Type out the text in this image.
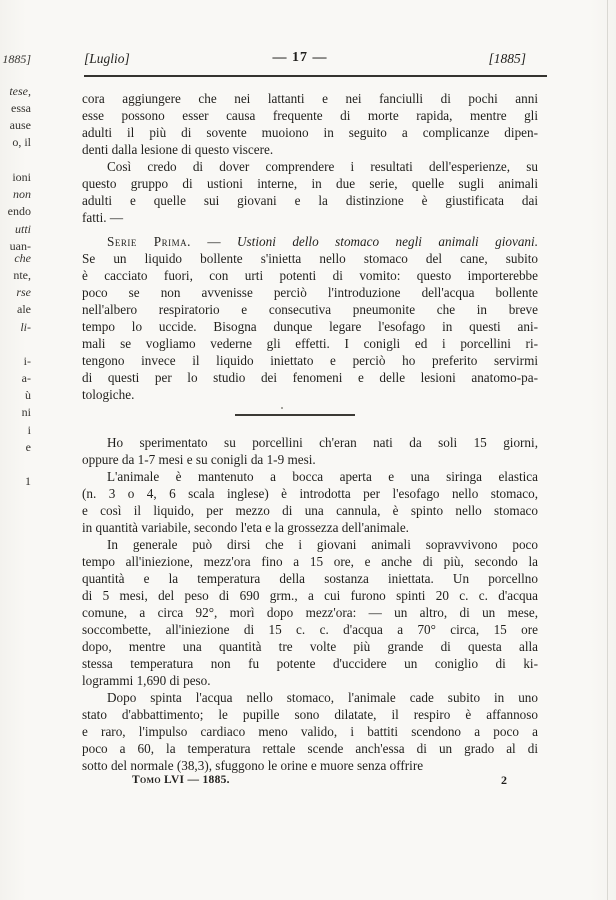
1885]
tese,
essa
ause
o, il
ioni
non
endo
utti
uan-
che
nte,
rse
ale
li-
i-
a-
ù
ni
i
e
1
[Luglio]	— 17 —	[1885]
cora aggiungere che nei lattanti e nei fanciulli di pochi anni
esse possono esser causa frequente di morte rapida, mentre gli
adulti il più di sovente muoiono in seguito a complicanze dipen-
denti dalla lesione di questo viscere.
Così credo di dover comprendere i resultati dell'esperienze, su
questo gruppo di ustioni interne, in due serie, quelle sugli animali
adulti e quelle sui giovani e la distinzione è giustificata dai
fatti. —
Serie Prima. — Ustioni dello stomaco negli animali giovani.
Se un liquido bollente s'inietta nello stomaco del cane, subito
è cacciato fuori, con urti potenti di vomito: questo importerebbe
poco se non avvenisse perciò l'introduzione dell'acqua bollente
nell'albero respiratorio e consecutiva pneumonite che in breve
tempo lo uccide. Bisogna dunque legare l'esofago in questi ani-
mali se vogliamo vederne gli effetti. I conigli ed i porcellini ri-
tengono invece il liquido iniettato e perciò ho preferito servirmi
di questi per lo studio dei fenomeni e delle lesioni anatomo-pa-
tologiche.
Ho sperimentato su porcellini ch'eran nati da soli 15 giorni,
oppure da 1-7 mesi e su conigli da 1-9 mesi.
L'animale è mantenuto a bocca aperta e una siringa elastica
(n. 3 o 4, 6 scala inglese) è introdotta per l'esofago nello stomaco,
e così il liquido, per mezzo di una cannula, è spinto nello stomaco
in quantità variabile, secondo l'eta e la grossezza dell'animale.
In generale può dirsi che i giovani animali sopravvivono poco
tempo all'iniezione, mezz'ora fino a 15 ore, e anche di più, secondo la
quantità e la temperatura della sostanza iniettata. Un porcellno
di 5 mesi, del peso di 690 grm., a cui furono spinti 20 c. c. d'acqua
comune, a circa 92°, morì dopo mezz'ora: — un altro, di un mese,
soccombette, all'iniezione di 15 c. c. d'acqua a 70° circa, 15 ore
dopo, mentre una quantità tre volte più grande di questa alla
stessa temperatura non fu potente d'uccidere un coniglio di ki-
logrammi 1,690 di peso.
Dopo spinta l'acqua nello stomaco, l'animale cade subito in uno
stato d'abbattimento; le pupille sono dilatate, il respiro è affannoso
e raro, l'impulso cardiaco meno valido, i battiti scendono a poco a
poco a 60, la temperatura rettale scende anch'essa di un grado al di
sotto del normale (38,3), sfuggono le orine e muore senza offrire
Tomo LVI — 1885.	2
